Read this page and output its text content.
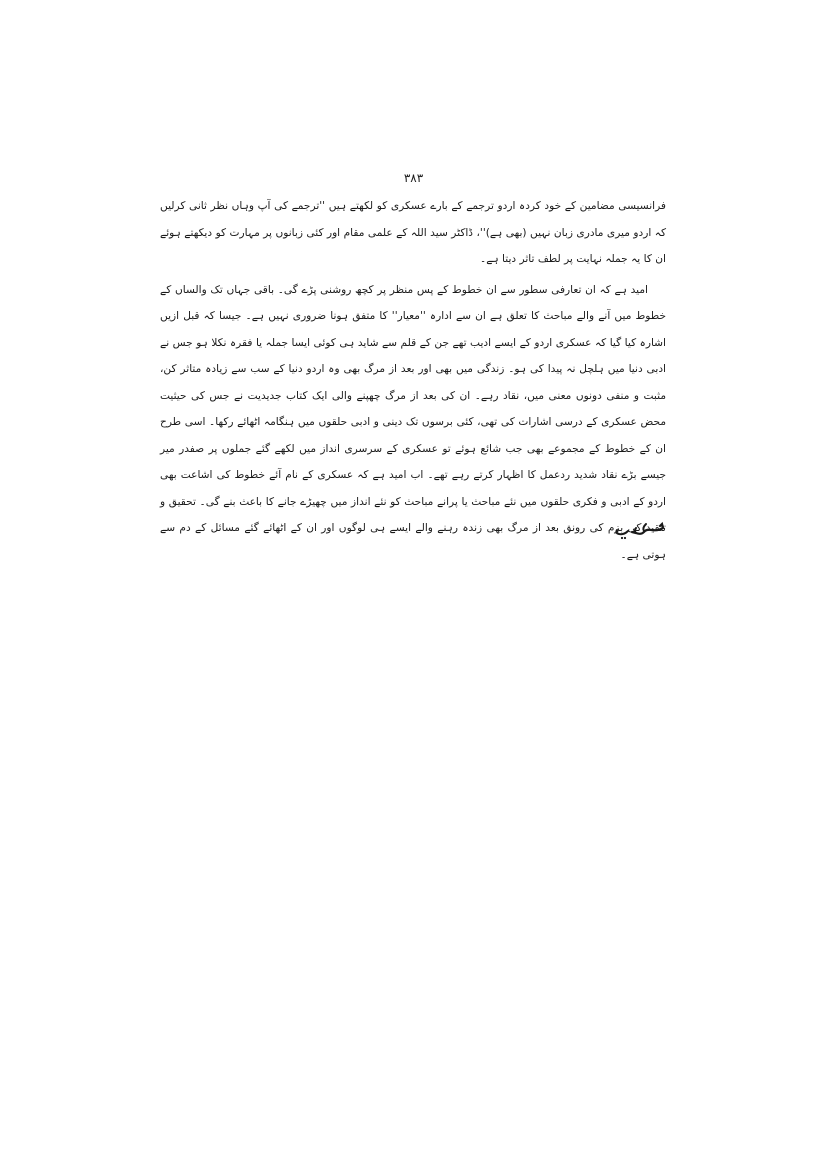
۳۸۳

فرانسیسی مضامین کے خود کردہ اردو ترجمے کے بارے عسکری کو لکھتے ہیں ''ترجمے کی آپ وہاں نظر ثانی کرلیں کہ اردو میری مادری زبان نہیں (بھی ہے)''، ڈاکٹر سید اللہ کے علمی مقام اور کئی زبانوں پر مہارت کو دیکھتے ہوئے ان کا یہ جملہ نہایت پر لطف تاثر دیتا ہے۔

امید ہے کہ ان تعارفی سطور سے ان خطوط کے پس منظر پر کچھ روشنی پڑے گی۔ باقی جہاں تک والساں کے خطوط میں آنے والے مباحث کا تعلق ہے ان سے ادارہ ''معیار'' کا متفق ہونا ضروری نہیں ہے۔ جیسا کہ قبل ازیں اشارہ کیا گیا کہ عسکری اردو کے ایسے ادیب تھے جن کے قلم سے شاید ہی کوئی ایسا جملہ یا فقرہ نکلا ہو جس نے ادبی دنیا میں ہلچل نہ پیدا کی ہو۔ زندگی میں بھی اور بعد از مرگ بھی وہ اردو دنیا کے سب سے زیادہ متاثر کن، مثبت و منفی دونوں معنی میں، نقاد رہے۔ ان کی بعد از مرگ چھپنے والی ایک کتاب جدیدیت نے جس کی حیثیت محض عسکری کے درسی اشارات کی تھی، کئی برسوں تک دینی و ادبی حلقوں میں ہنگامہ اٹھائے رکھا۔ اسی طرح ان کے خطوط کے مجموعے بھی جب شائع ہوئے تو عسکری کے سرسری انداز میں لکھے گئے جملوں پر صفدر میر جیسے بڑے نقاد شدید ردعمل کا اظہار کرتے رہے تھے۔ اب امید ہے کہ عسکری کے نام آئے خطوط کی اشاعت بھی اردو کے ادبی و فکری حلقوں میں نئے مباحث یا پرانے مباحث کو نئے انداز میں چھیڑے جانے کا باعث بنے گی۔ تحقیق و تنقید کی بزم کی رونق بعد از مرگ بھی زندہ رہنے والے ایسے ہی لوگوں اور ان کے اٹھائے گئے مسائل کے دم سے ہوتی ہے۔
